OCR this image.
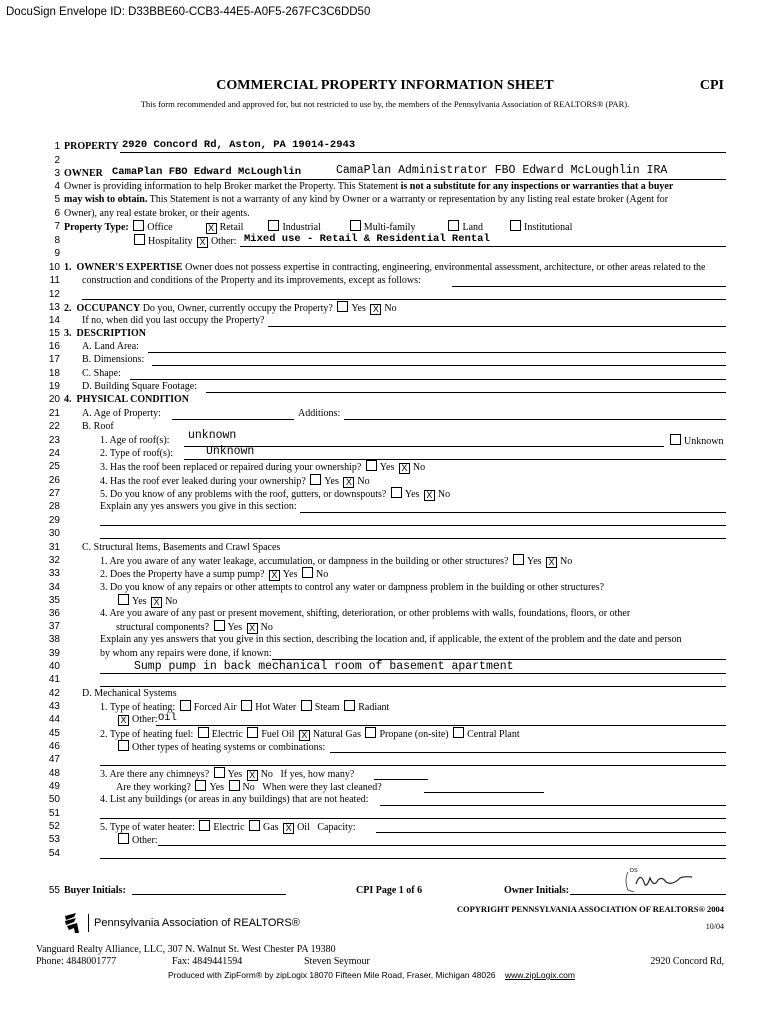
DocuSign Envelope ID: D33BBE60-CCB3-44E5-A0F5-267FC3C6DD50
COMMERCIAL PROPERTY INFORMATION SHEET	CPI
This form recommended and approved for, but not restricted to use by, the members of the Pennsylvania Association of REALTORS® (PAR).
1
2
3
4
5
6
7
8
9
10
11
12
13
14
15
16
17
18
19
20
21
22
23
24
25
26
27
28
29
30
31
32
33
34
35
36
37
38
39
40
41
42
43
44
45
46
47
48
49
50
51
52
53
54
55
PROPERTY 2920 Concord Rd, Aston, PA 19014-2943
OWNER CamaPlan FBO Edward McLoughlin	CamaPlan Administrator FBO Edward McLoughlin IRA
Owner is providing information to help Broker market the Property. This Statement is not a substitute for any inspections or warranties that a buyer
may wish to obtain. This Statement is not a warranty of any kind by Owner or a warranty or representation by any listing real estate broker (Agent for
Owner), any real estate broker, or their agents.
Property Type: Office	X Retail	Industrial	Multi-family	Land	Institutional
Hospitality X Other: Mixed use - Retail & Residential Rental
1. OWNER'S EXPERTISE Owner does not possess expertise in contracting, engineering, environmental assessment, architecture, or other areas related to the
construction and conditions of the Property and its improvements, except as follows:
2. OCCUPANCY Do you, Owner, currently occupy the Property? Yes X No
If no, when did you last occupy the Property?
3. DESCRIPTION
A. Land Area:
B. Dimensions:
C. Shape:
D. Building Square Footage:
4. PHYSICAL CONDITION
A. Age of Property:	Additions:
B. Roof
1. Age of roof(s): unknown	Unknown
2. Type of roof(s):	Unknown
3. Has the roof been replaced or repaired during your ownership? Yes X No
4. Has the roof ever leaked during your ownership? Yes X No
5. Do you know of any problems with the roof, gutters, or downspouts? Yes X No
Explain any yes answers you give in this section:
C. Structural Items, Basements and Crawl Spaces
1. Are you aware of any water leakage, accumulation, or dampness in the building or other structures? Yes X No
2. Does the Property have a sump pump? X Yes No
3. Do you know of any repairs or other attempts to control any water or dampness problem in the building or other structures?
Yes X No
4. Are you aware of any past or present movement, shifting, deterioration, or other problems with walls, foundations, floors, or other
structural components? Yes X No
Explain any yes answers that you give in this section, describing the location and, if applicable, the extent of the problem and the date and person
by whom any repairs were done, if known:
Sump pump in back mechanical room of basement apartment
D. Mechanical Systems
1. Type of heating: Forced Air Hot Water Steam Radiant
X Other: Oil
2. Type of heating fuel: Electric Fuel Oil X Natural Gas Propane (on-site) Central Plant
Other types of heating systems or combinations:
3. Are there any chimneys? Yes X No If yes, how many?
Are they working? Yes No When were they last cleaned?
4. List any buildings (or areas in any buildings) that are not heated:
5. Type of water heater: Electric Gas X Oil Capacity:
Other:
Buyer Initials:	CPI Page 1 of 6	Owner Initials:
DS
COPYRIGHT PENNSYLVANIA ASSOCIATION OF REALTORS® 2004
10/04
Pennsylvania Association of REALTORS®
Vanguard Realty Alliance, LLC, 307 N. Walnut St. West Chester PA 19380
Phone: 4848001777	Fax: 4849441594	Steven Seymour	2920 Concord Rd,
Produced with ZipForm® by zipLogix 18070 Fifteen Mile Road, Fraser, Michigan 48026 www.zipLogix.com
